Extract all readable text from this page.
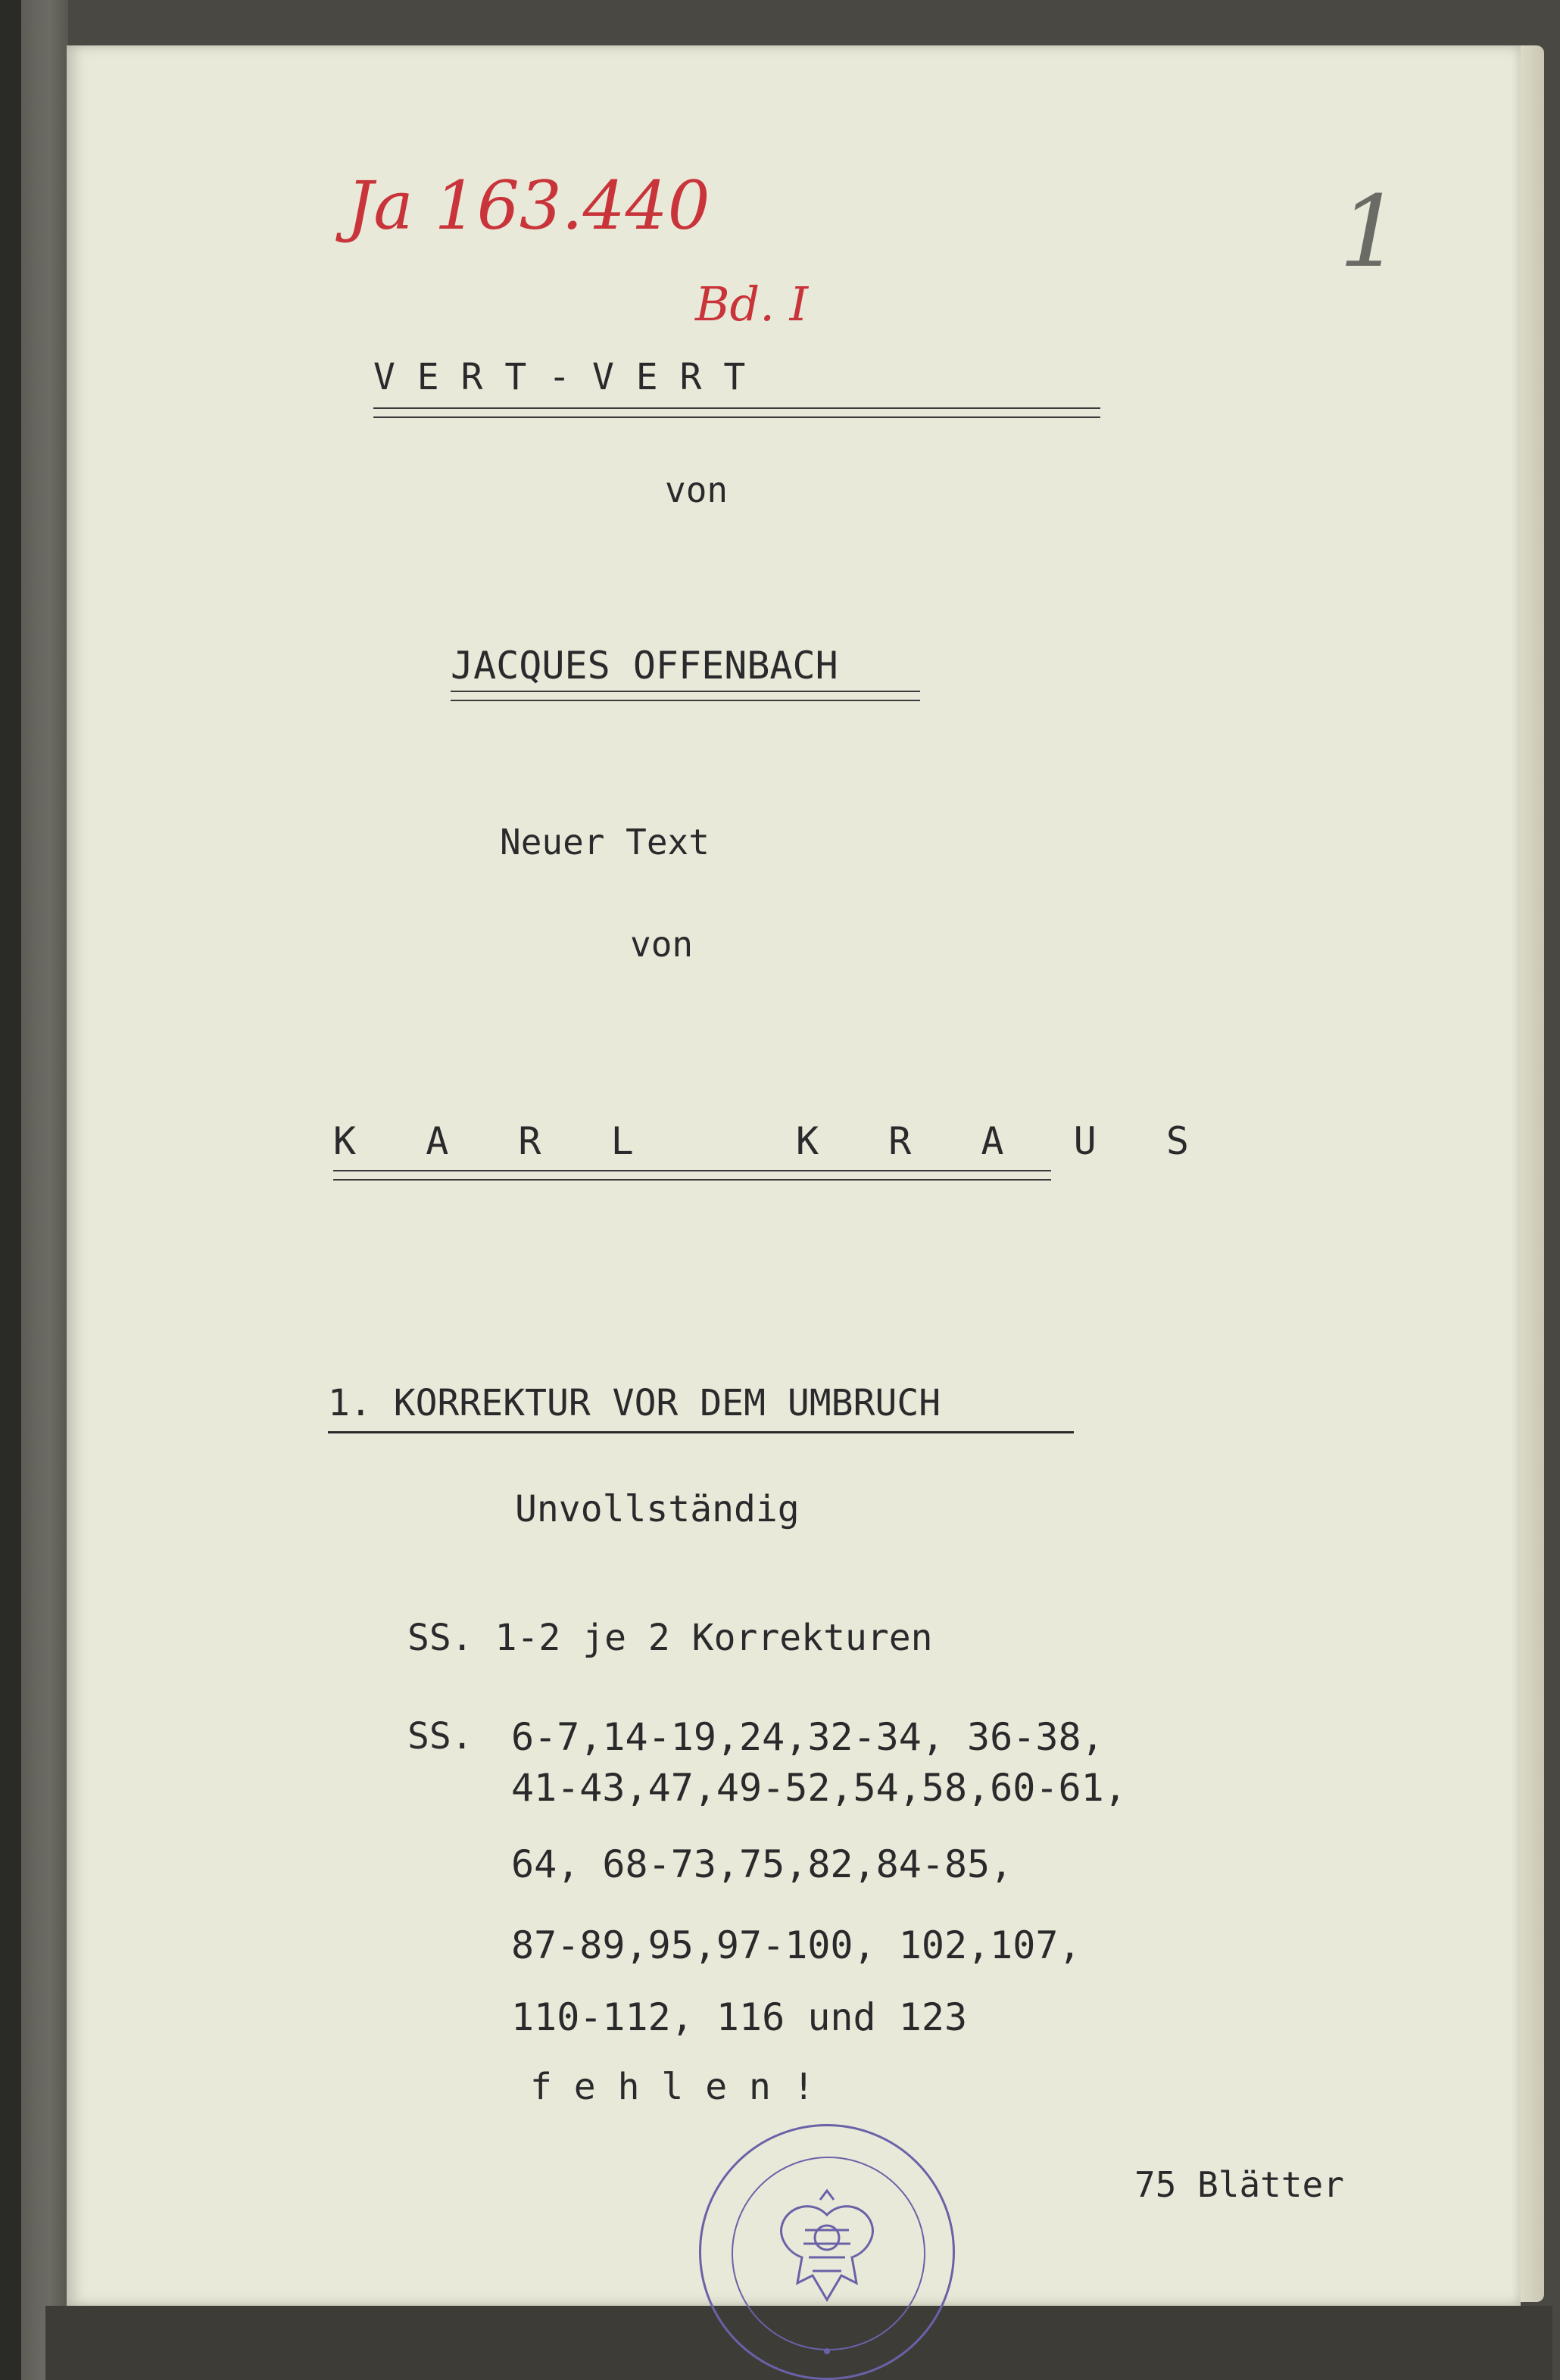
Ja 163.440
Bd. I
1
V E R T - V E R T
von
JACQUES OFFENBACH
Neuer Text
von
K A R L   K R A U S
1. KORREKTUR VOR DEM UMBRUCH
Unvollständig
SS. 1-2 je 2 Korrekturen
SS. 6-7,14-19,24,32-34, 36-38,
41-43,47,49-52,54,58,60-61,
64, 68-73,75,82,84-85,
87-89,95,97-100, 102,107,
110-112, 116 und 123
f e h l e n !
75 Blätter
